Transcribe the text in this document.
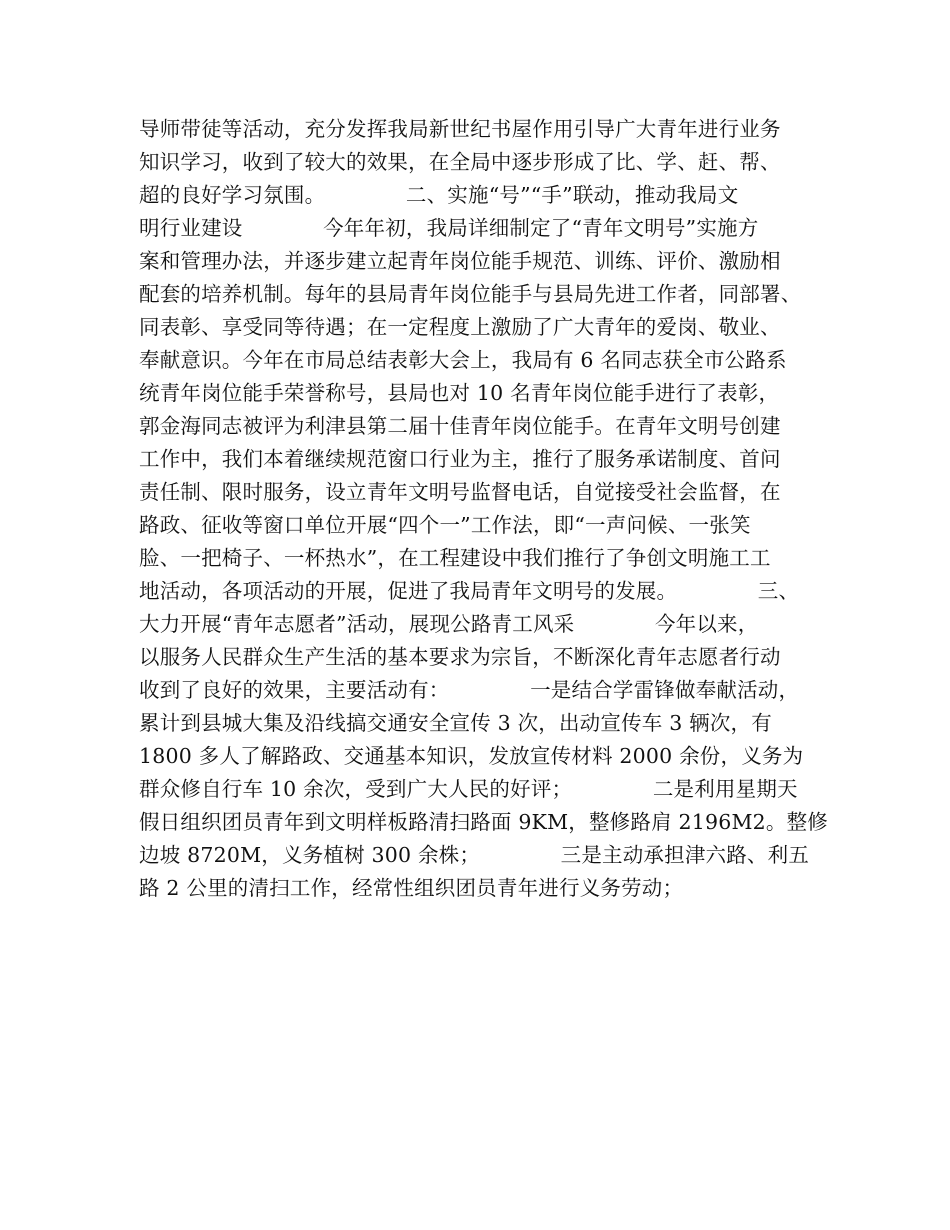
导师带徒等活动，充分发挥我局新世纪书屋作用引导广大青年进行业务
知识学习，收到了较大的效果，在全局中逐步形成了比、学、赶、帮、
超的良好学习氛围。            二、实施“号”“手”联动，推动我局文
明行业建设            今年年初，我局详细制定了“青年文明号”实施方
案和管理办法，并逐步建立起青年岗位能手规范、训练、评价、激励相
配套的培养机制。每年的县局青年岗位能手与县局先进工作者，同部署、
同表彰、享受同等待遇；在一定程度上激励了广大青年的爱岗、敬业、
奉献意识。今年在市局总结表彰大会上，我局有 6 名同志获全市公路系
统青年岗位能手荣誉称号，县局也对 10 名青年岗位能手进行了表彰，
郭金海同志被评为利津县第二届十佳青年岗位能手。在青年文明号创建
工作中，我们本着继续规范窗口行业为主，推行了服务承诺制度、首问
责任制、限时服务，设立青年文明号监督电话，自觉接受社会监督，在
路政、征收等窗口单位开展“四个一”工作法，即“一声问候、一张笑
脸、一把椅子、一杯热水”，在工程建设中我们推行了争创文明施工工
地活动，各项活动的开展，促进了我局青年文明号的发展。            三、
大力开展“青年志愿者”活动，展现公路青工风采            今年以来，
以服务人民群众生产生活的基本要求为宗旨，不断深化青年志愿者行动
收到了良好的效果，主要活动有：            一是结合学雷锋做奉献活动，
累计到县城大集及沿线搞交通安全宣传 3 次，出动宣传车 3 辆次，有
1800 多人了解路政、交通基本知识，发放宣传材料 2000 余份，义务为
群众修自行车 10 余次，受到广大人民的好评；            二是利用星期天
假日组织团员青年到文明样板路清扫路面 9KM，整修路肩 2196M2。整修
边坡 8720M，义务植树 300 余株；            三是主动承担津六路、利五
路 2 公里的清扫工作，经常性组织团员青年进行义务劳动；
